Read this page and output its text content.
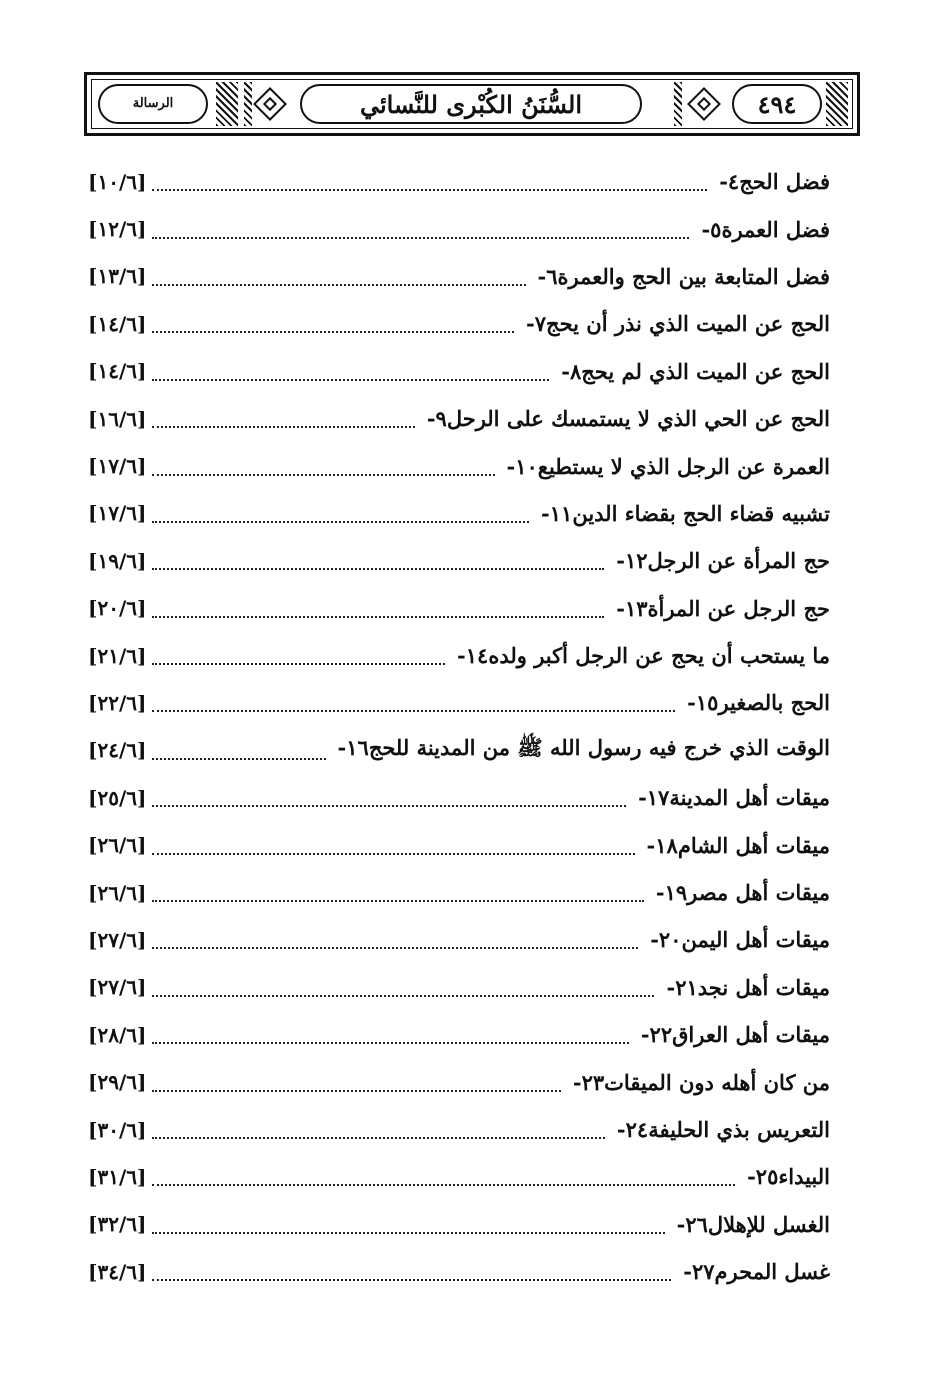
الرسالة	السُّنَنُ الكُبْرى للنَّسائي	٤٩٤
٤- فضل الحج
[١٠/٦]
٥- فضل العمرة
[١٢/٦]
٦- فضل المتابعة بين الحج والعمرة
[١٣/٦]
٧- الحج عن الميت الذي نذر أن يحج
[١٤/٦]
٨- الحج عن الميت الذي لم يحج
[١٤/٦]
٩- الحج عن الحي الذي لا يستمسك على الرحل
[١٦/٦]
١٠- العمرة عن الرجل الذي لا يستطيع
[١٧/٦]
١١- تشبيه قضاء الحج بقضاء الدين
[١٧/٦]
١٢- حج المرأة عن الرجل
[١٩/٦]
١٣- حج الرجل عن المرأة
[٢٠/٦]
١٤- ما يستحب أن يحج عن الرجل أكبر ولده
[٢١/٦]
١٥- الحج بالصغير
[٢٢/٦]
١٦- الوقت الذي خرج فيه رسول الله ﷺ من المدينة للحج
[٢٤/٦]
١٧- ميقات أهل المدينة
[٢٥/٦]
١٨- ميقات أهل الشام
[٢٦/٦]
١٩- ميقات أهل مصر
[٢٦/٦]
٢٠- ميقات أهل اليمن
[٢٧/٦]
٢١- ميقات أهل نجد
[٢٧/٦]
٢٢- ميقات أهل العراق
[٢٨/٦]
٢٣- من كان أهله دون الميقات
[٢٩/٦]
٢٤- التعريس بذي الحليفة
[٣٠/٦]
٢٥- البيداء
[٣١/٦]
٢٦- الغسل للإهلال
[٣٢/٦]
٢٧- غسل المحرم
[٣٤/٦]
